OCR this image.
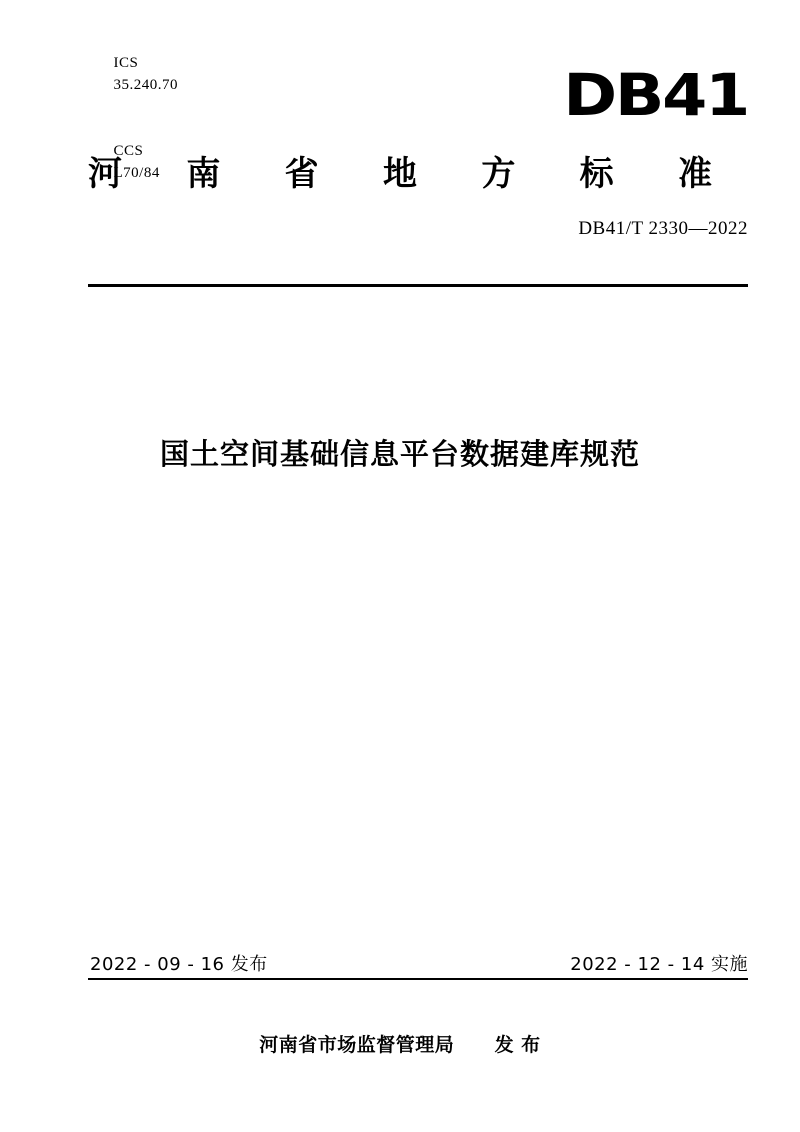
ICS
35.240.70

CCS
L70/84

DB41
河 南 省 地 方 标 准
DB41/T 2330—2022
国土空间基础信息平台数据建库规范
2022 - 09 - 16 发布	2022 - 12 - 14 实施
河南省市场监督管理局 发 布
